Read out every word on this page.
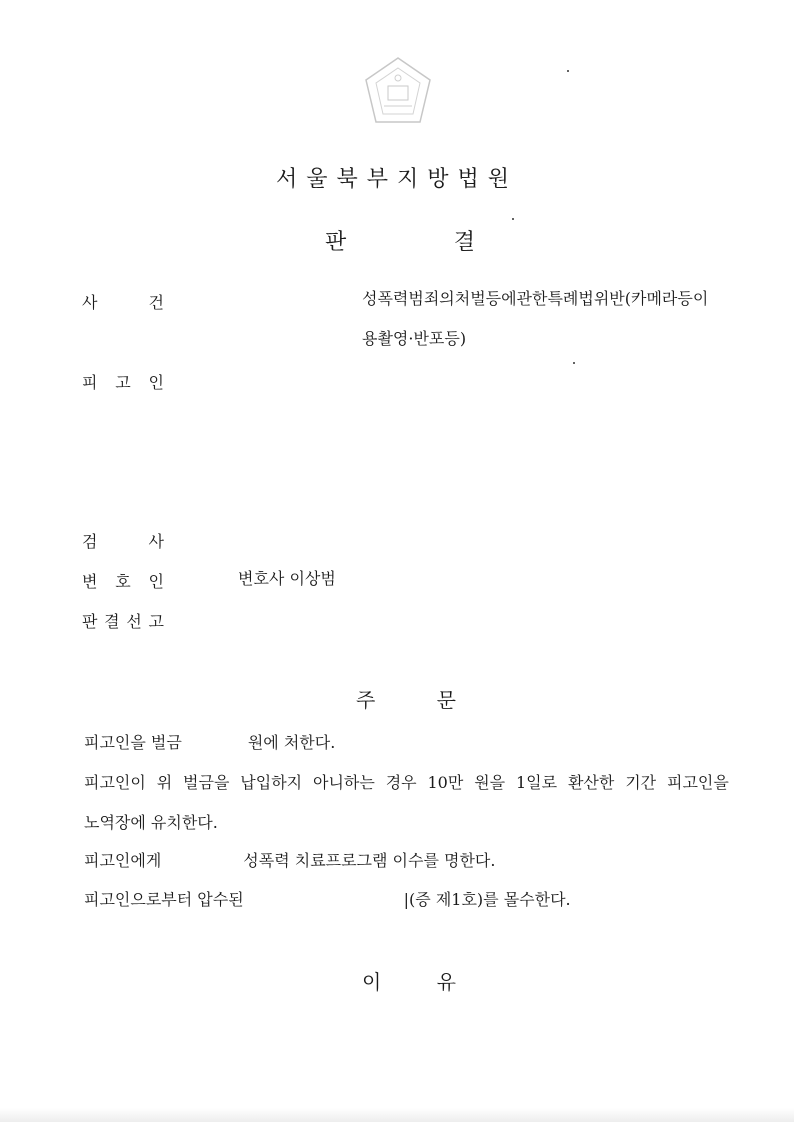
서울북부지방법원
판	결
사	건	성폭력범죄의처벌등에관한특례법위반(카메라등이
용촬영·반포등)
피 고 인
검	사
변 호 인	변호사 이상범
판 결 선 고
주	문
피고인을 벌금	원에 처한다.
피고인이 위 벌금을 납입하지 아니하는 경우 10만 원을 1일로 환산한 기간 피고인을
노역장에 유치한다.
피고인에게	성폭력 치료프로그램 이수를 명한다.
피고인으로부터 압수된	|(증 제1호)를 몰수한다.
이	유
